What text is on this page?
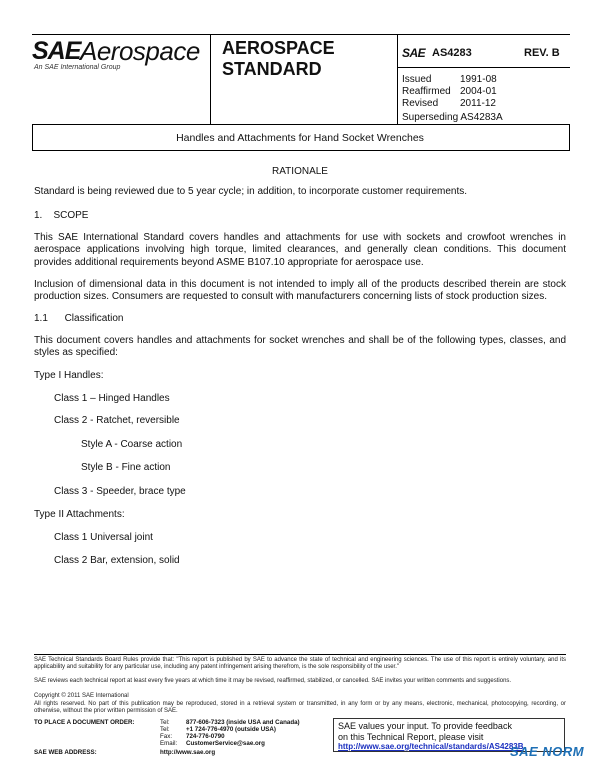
SAE Aerospace
An SAE International Group
AEROSPACE
STANDARD
SAE AS4283	REV. B
Issued	1991-08
Reaffirmed 2004-01
Revised 2011-12
Superseding AS4283A
Handles and Attachments for Hand Socket Wrenches
RATIONALE
Standard is being reviewed due to 5 year cycle; in addition, to incorporate customer requirements.
1.    SCOPE
This SAE International Standard covers handles and attachments for use with sockets and crowfoot wrenches in aerospace applications involving high torque, limited clearances, and generally clean conditions. This document provides additional requirements beyond ASME B107.10 appropriate for aerospace use.
Inclusion of dimensional data in this document is not intended to imply all of the products described therein are stock production sizes. Consumers are requested to consult with manufacturers concerning lists of stock production sizes.
1.1      Classification
This document covers handles and attachments for socket wrenches and shall be of the following types, classes, and styles as specified:
Type I Handles:
Class 1 – Hinged Handles
Class 2 - Ratchet, reversible
Style A - Coarse action
Style B - Fine action
Class 3 - Speeder, brace type
Type II Attachments:
Class 1 Universal joint
Class 2 Bar, extension, solid
SAE Technical Standards Board Rules provide that: "This report is published by SAE to advance the state of technical and engineering sciences. The use of this report is entirely voluntary, and its applicability and suitability for any particular use, including any patent infringement arising therefrom, is the sole responsibility of the user."
SAE reviews each technical report at least every five years at which time it may be revised, reaffirmed, stabilized, or cancelled. SAE invites your written comments and suggestions.
Copyright © 2011 SAE International
All rights reserved. No part of this publication may be reproduced, stored in a retrieval system or transmitted, in any form or by any means, electronic, mechanical, photocopying, recording, or otherwise, without the prior written permission of SAE.
TO PLACE A DOCUMENT ORDER:	Tel:	877-606-7323 (inside USA and Canada)
Tel:	+1 724-776-4970 (outside USA)
Fax: 724-776-0790
Email: CustomerService@sae.org
SAE WEB ADDRESS:	http://www.sae.org
SAE values your input. To provide feedback
on this Technical Report, please visit
http://www.sae.org/technical/standards/AS4283B
SAE NORM
